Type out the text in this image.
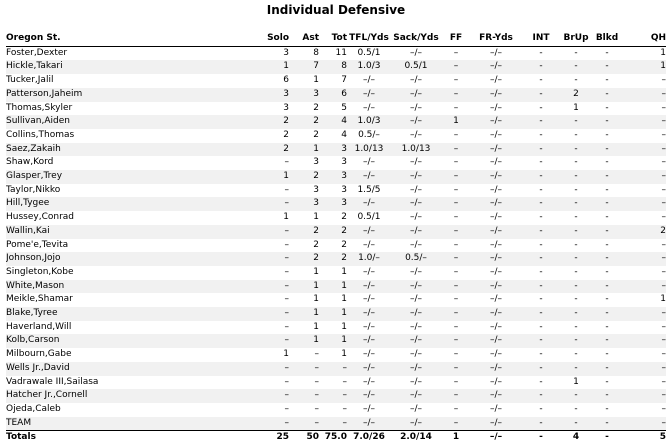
Individual Defensive
Oregon St.	Solo	Ast	Tot	TFL/Yds	Sack/Yds	FF	FR-Yds	INT	BrUp	Blkd	QH
Foster,Dexter	3	8	11	0.5/1	–/–	–	–/–	-	-	-	1
Hickle,Takari	1	7	8	1.0/3	0.5/1	–	–/–	-	-	-	1
Tucker,Jalil	6	1	7	–/–	–/–	–	–/–	-	-	-	–
Patterson,Jaheim	3	3	6	–/–	–/–	–	–/–	-	2	-	–
Thomas,Skyler	3	2	5	–/–	–/–	–	–/–	-	1	-	–
Sullivan,Aiden	2	2	4	1.0/3	–/–	1	–/–	-	-	-	–
Collins,Thomas	2	2	4	0.5/–	–/–	–	–/–	-	-	-	–
Saez,Zakaih	2	1	3	1.0/13	1.0/13	–	–/–	-	-	-	–
Shaw,Kord	–	3	3	–/–	–/–	–	–/–	-	-	-	–
Glasper,Trey	1	2	3	–/–	–/–	–	–/–	-	-	-	–
Taylor,Nikko	–	3	3	1.5/5	–/–	–	–/–	-	-	-	–
Hill,Tygee	–	3	3	–/–	–/–	–	–/–	-	-	-	–
Hussey,Conrad	1	1	2	0.5/1	–/–	–	–/–	-	-	-	–
Wallin,Kai	–	2	2	–/–	–/–	–	–/–	-	-	-	2
Pome'e,Tevita	–	2	2	–/–	–/–	–	–/–	-	-	-	–
Johnson,Jojo	–	2	2	1.0/–	0.5/–	–	–/–	-	-	-	–
Singleton,Kobe	–	1	1	–/–	–/–	–	–/–	-	-	-	–
White,Mason	–	1	1	–/–	–/–	–	–/–	-	-	-	–
Meikle,Shamar	–	1	1	–/–	–/–	–	–/–	-	-	-	1
Blake,Tyree	–	1	1	–/–	–/–	–	–/–	-	-	-	–
Haverland,Will	–	1	1	–/–	–/–	–	–/–	-	-	-	–
Kolb,Carson	–	1	1	–/–	–/–	–	–/–	-	-	-	–
Milbourn,Gabe	1	–	1	–/–	–/–	–	–/–	-	-	-	–
Wells Jr.,David	–	–	–	–/–	–/–	–	–/–	-	-	-	–
Vadrawale III,Sailasa	–	–	–	–/–	–/–	–	–/–	-	1	-	–
Hatcher Jr.,Cornell	–	–	–	–/–	–/–	–	–/–	-	-	-	–
Ojeda,Caleb	–	–	–	–/–	–/–	–	–/–	-	-	-	–
TEAM	–	–	–	–/–	–/–	–	–/–	-	-	-	–
Totals	25	50	75.0	7.0/26	2.0/14	1	–/–	-	4	-	5
